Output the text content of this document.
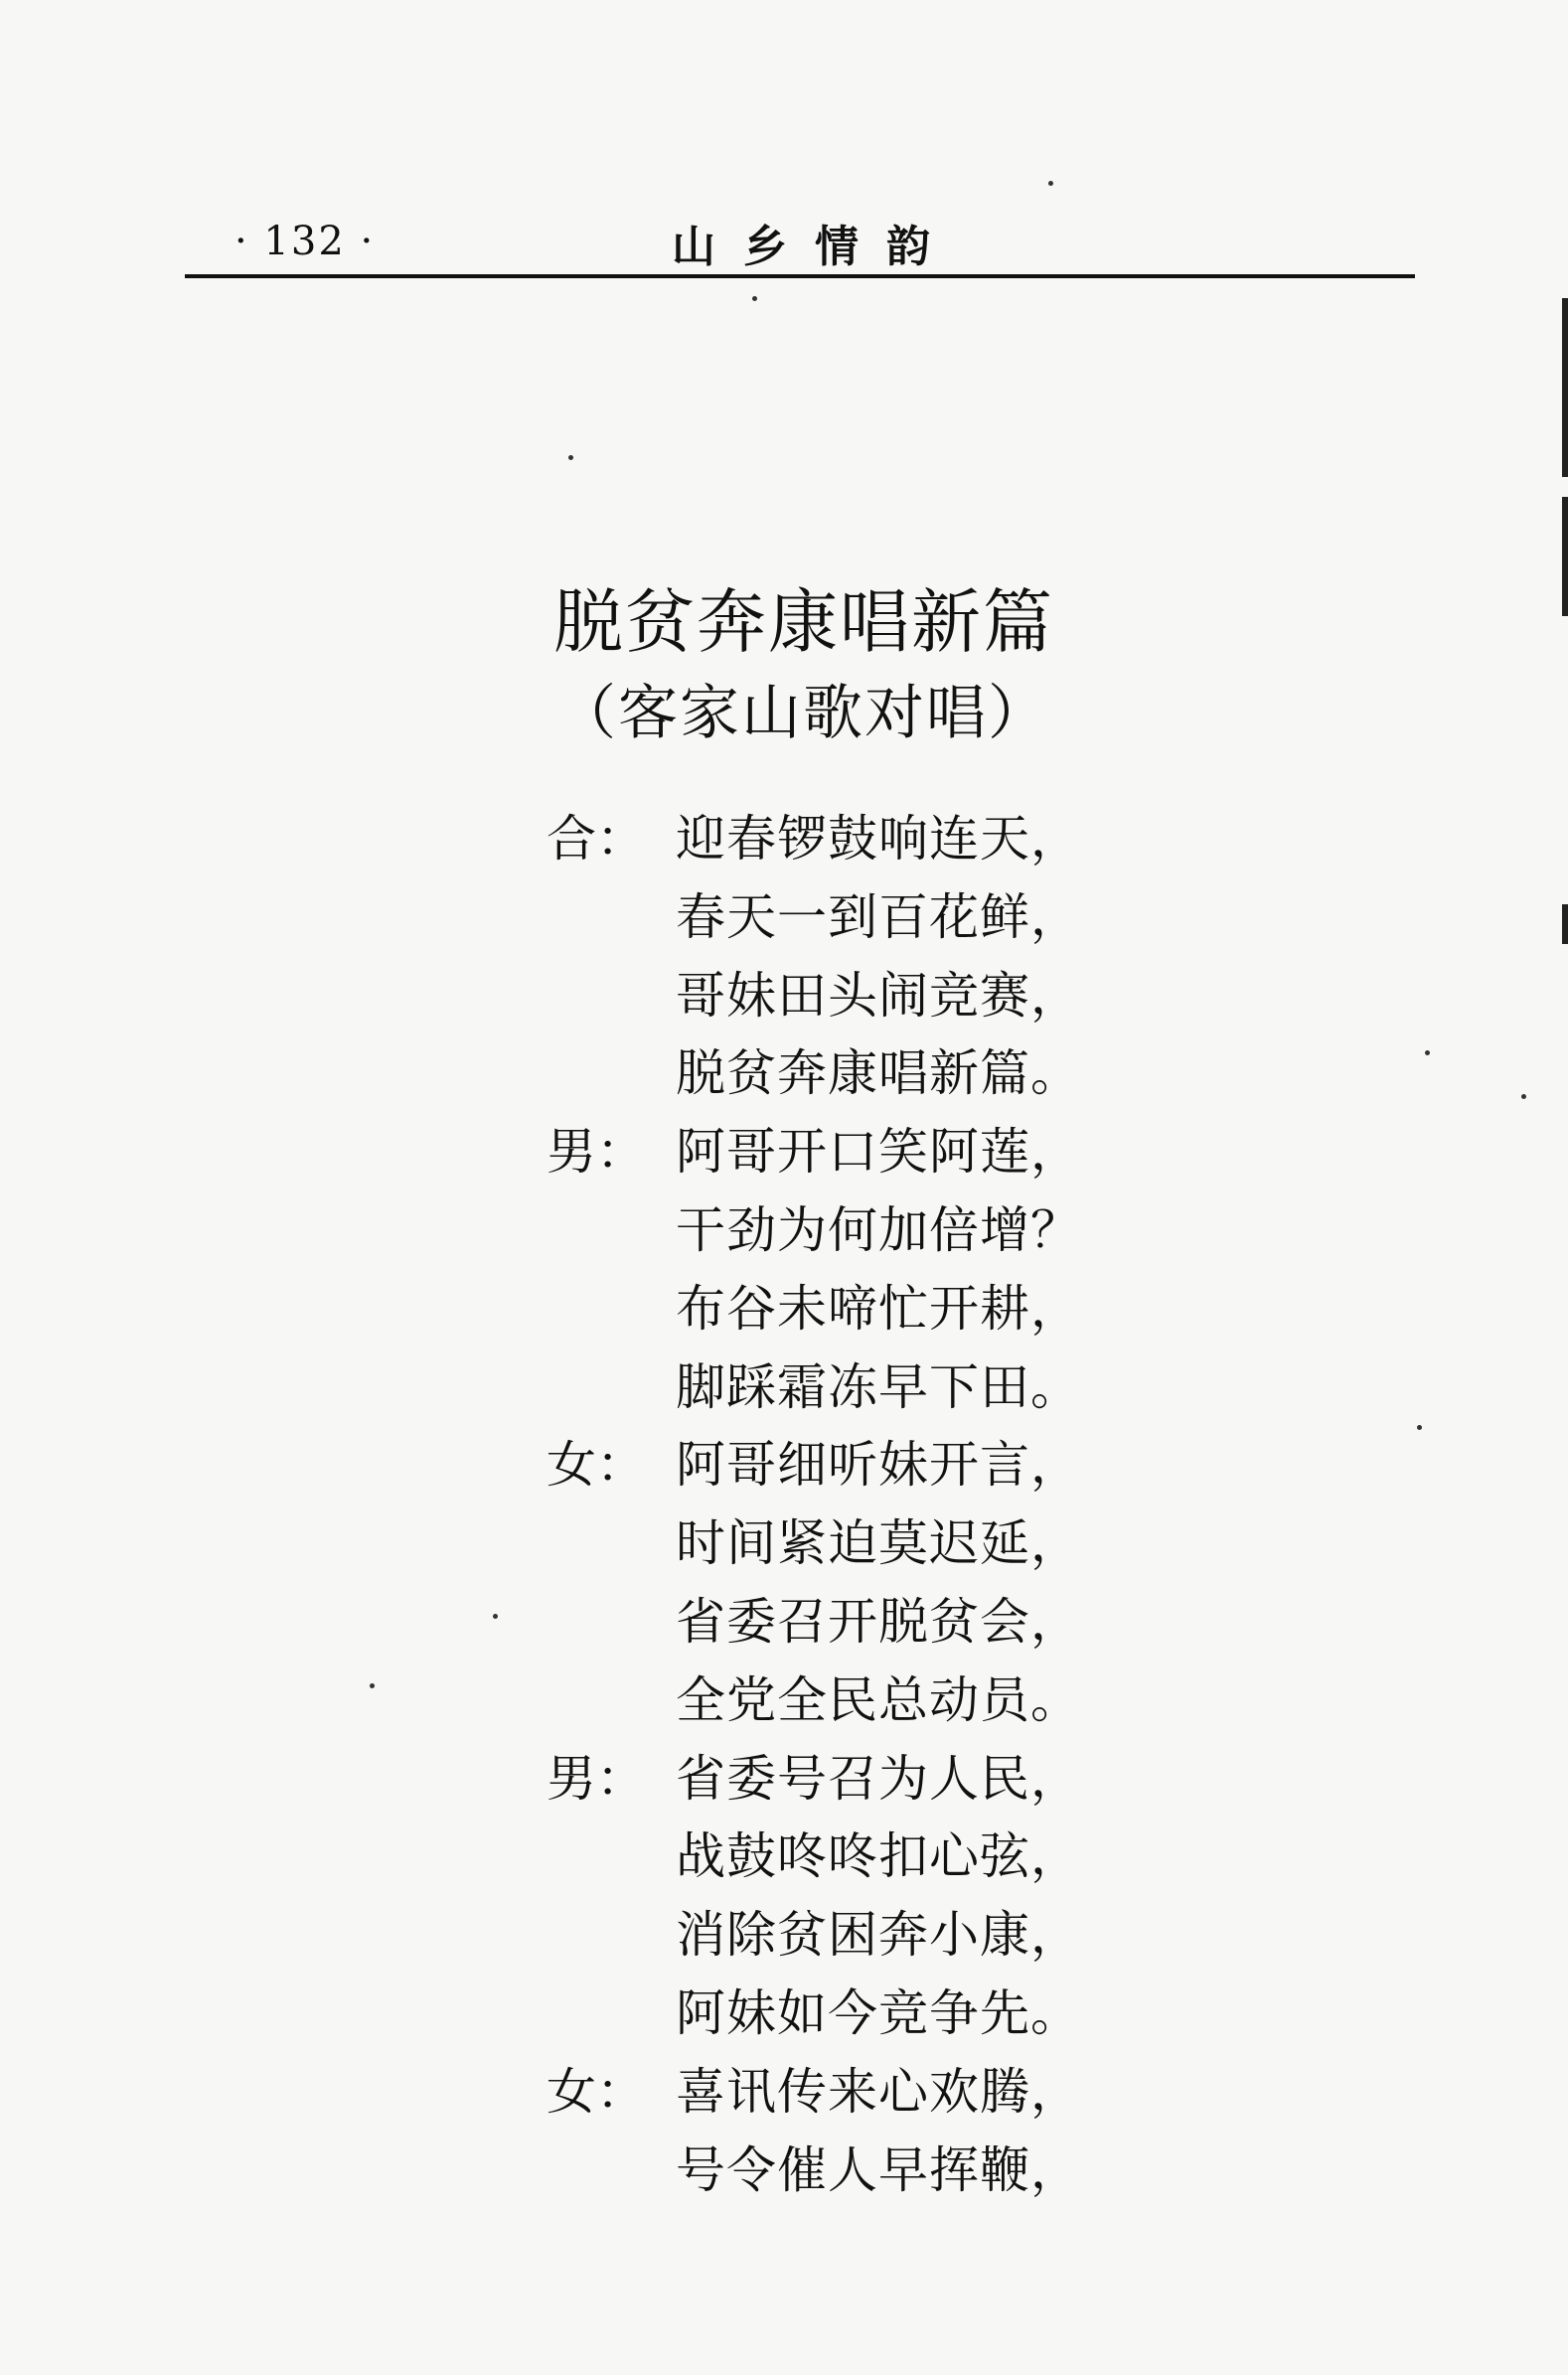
· 132 ·	山乡情韵
脱贫奔康唱新篇
（客家山歌对唱）
合： 迎春锣鼓响连天，
春天一到百花鲜，
哥妹田头闹竞赛，
脱贫奔康唱新篇。
男： 阿哥开口笑阿莲，
干劲为何加倍增？
布谷未啼忙开耕，
脚踩霜冻早下田。
女： 阿哥细听妹开言，
时间紧迫莫迟延，
省委召开脱贫会，
全党全民总动员。
男： 省委号召为人民，
战鼓咚咚扣心弦，
消除贫困奔小康，
阿妹如今竞争先。
女： 喜讯传来心欢腾，
号令催人早挥鞭，
